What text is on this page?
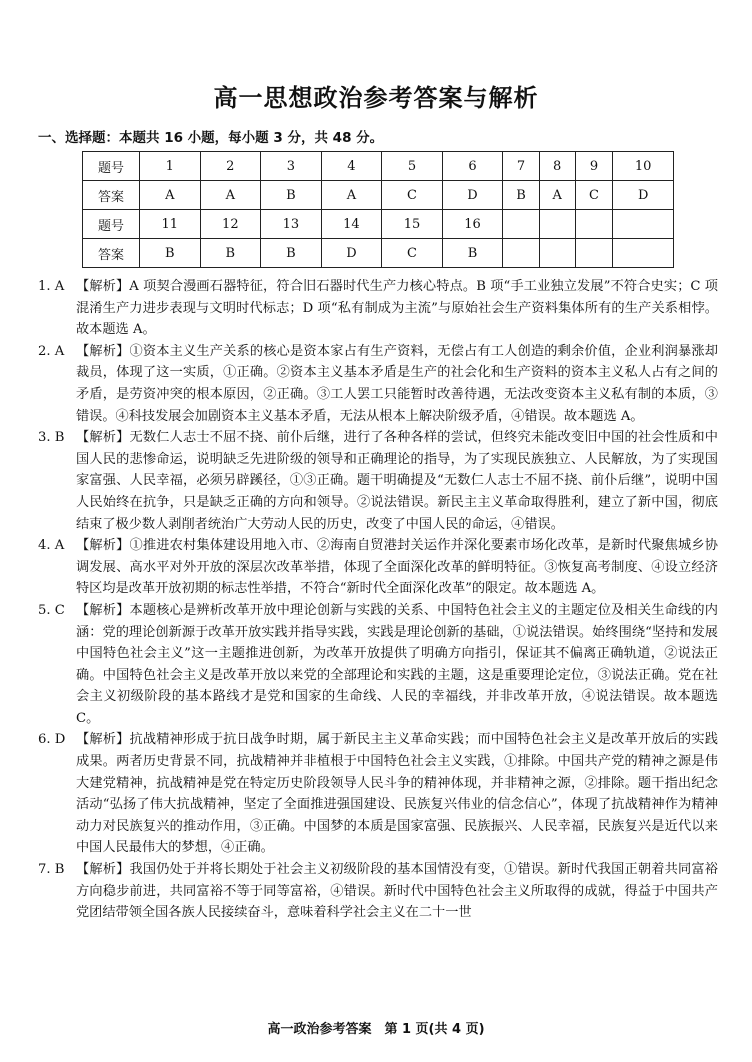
高一思想政治参考答案与解析
一、选择题：本题共 16 小题，每小题 3 分，共 48 分。
题号	1	2	3	4	5	6	7	8	9	10
答案	A	A	B	A	C	D	B	A	C	D
题号	11	12	13	14	15	16				
答案	B	B	B	D	C	B				
1. A 【解析】A 项契合漫画石器特征，符合旧石器时代生产力核心特点。B 项“手工业独立发展”不符合史实；C 项混淆生产力进步表现与文明时代标志；D 项“私有制成为主流”与原始社会生产资料集体所有的生产关系相悖。故本题选 A。
2. A 【解析】①资本主义生产关系的核心是资本家占有生产资料，无偿占有工人创造的剩余价值，企业利润暴涨却裁员，体现了这一实质，①正确。②资本主义基本矛盾是生产的社会化和生产资料的资本主义私人占有之间的矛盾，是劳资冲突的根本原因，②正确。③工人罢工只能暂时改善待遇，无法改变资本主义私有制的本质，③错误。④科技发展会加剧资本主义基本矛盾，无法从根本上解决阶级矛盾，④错误。故本题选 A。
3. B 【解析】无数仁人志士不屈不挠、前仆后继，进行了各种各样的尝试，但终究未能改变旧中国的社会性质和中国人民的悲惨命运，说明缺乏先进阶级的领导和正确理论的指导，为了实现民族独立、人民解放，为了实现国家富强、人民幸福，必须另辟蹊径，①③正确。题干明确提及“无数仁人志士不屈不挠、前仆后继”，说明中国人民始终在抗争，只是缺乏正确的方向和领导。②说法错误。新民主主义革命取得胜利，建立了新中国，彻底结束了极少数人剥削者统治广大劳动人民的历史，改变了中国人民的命运，④错误。
4. A 【解析】①推进农村集体建设用地入市、②海南自贸港封关运作并深化要素市场化改革，是新时代聚焦城乡协调发展、高水平对外开放的深层次改革举措，体现了全面深化改革的鲜明特征。③恢复高考制度、④设立经济特区均是改革开放初期的标志性举措，不符合“新时代全面深化改革”的限定。故本题选 A。
5. C 【解析】本题核心是辨析改革开放中理论创新与实践的关系、中国特色社会主义的主题定位及相关生命线的内涵：党的理论创新源于改革开放实践并指导实践，实践是理论创新的基础，①说法错误。始终围绕“坚持和发展中国特色社会主义”这一主题推进创新，为改革开放提供了明确方向指引，保证其不偏离正确轨道，②说法正确。中国特色社会主义是改革开放以来党的全部理论和实践的主题，这是重要理论定位，③说法正确。党在社会主义初级阶段的基本路线才是党和国家的生命线、人民的幸福线，并非改革开放，④说法错误。故本题选 C。
6. D 【解析】抗战精神形成于抗日战争时期，属于新民主主义革命实践；而中国特色社会主义是改革开放后的实践成果。两者历史背景不同，抗战精神并非植根于中国特色社会主义实践，①排除。中国共产党的精神之源是伟大建党精神，抗战精神是党在特定历史阶段领导人民斗争的精神体现，并非精神之源，②排除。题干指出纪念活动“弘扬了伟大抗战精神，坚定了全面推进强国建设、民族复兴伟业的信念信心”，体现了抗战精神作为精神动力对民族复兴的推动作用，③正确。中国梦的本质是国家富强、民族振兴、人民幸福，民族复兴是近代以来中国人民最伟大的梦想，④正确。
7. B 【解析】我国仍处于并将长期处于社会主义初级阶段的基本国情没有变，①错误。新时代我国正朝着共同富裕方向稳步前进，共同富裕不等于同等富裕，④错误。新时代中国特色社会主义所取得的成就，得益于中国共产党团结带领全国各族人民接续奋斗，意味着科学社会主义在二十一世
高一政治参考答案　第 1 页(共 4 页)
